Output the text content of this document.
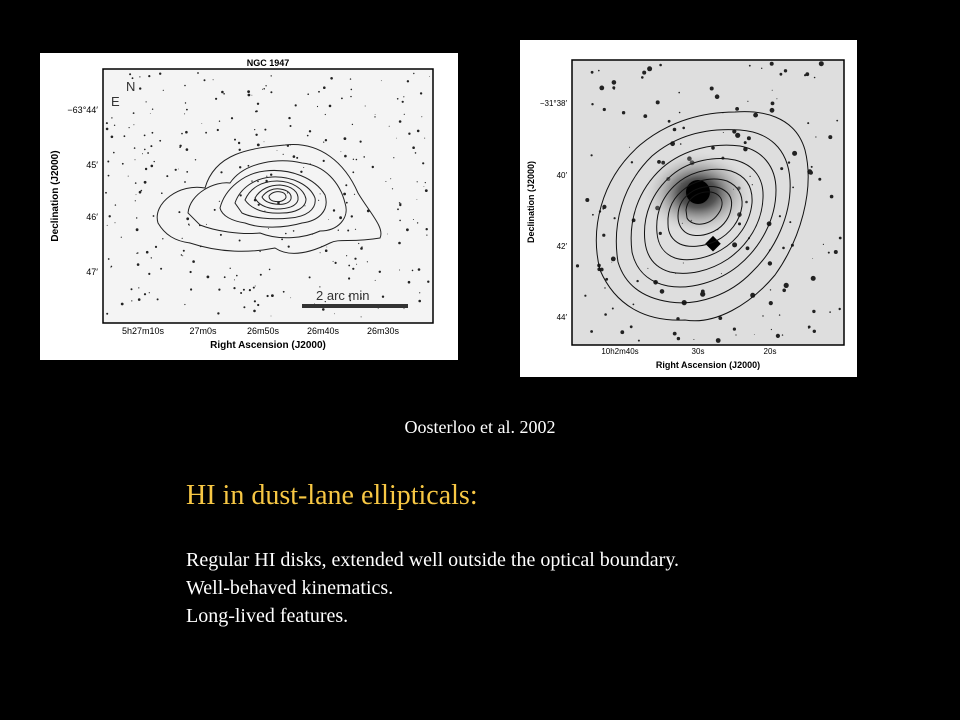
2 arc min
NGC 1947
N
E
Right Ascension (J2000)
Declination (J2000)
−63°44′
45′
46′
47′
5h27m10s	27m0s	26m50s	26m40s	26m30s
Right Ascension (J2000)
Declination (J2000)
−31°38′
40′
42′
44′
10h2m40s	30s	20s
Oosterloo et al. 2002
HI in dust-lane ellipticals:
Regular HI disks, extended well outside the optical boundary.
Well-behaved kinematics.
Long-lived features.
